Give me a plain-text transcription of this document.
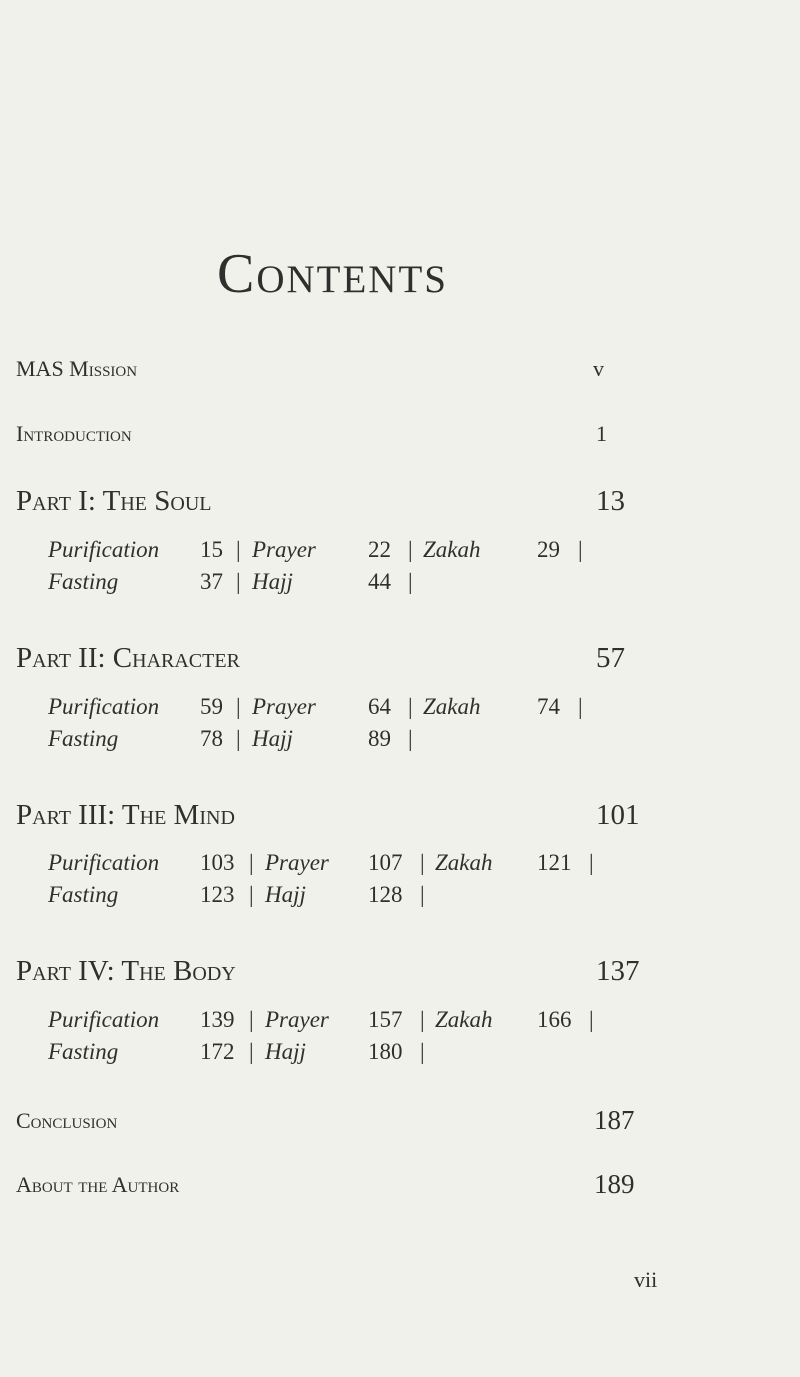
Contents
MAS Mission	v
Introduction	1
Part I: The Soul	13
Purification 15 | Prayer 22 | Zakah 29 |
Fasting	37 | Hajj	44 |
Part II: Character	57
Purification 59 | Prayer 64 | Zakah 74 |
Fasting	78 | Hajj	89 |
Part III: The Mind	101
Purification 103 | Prayer 107 | Zakah 121 |
Fasting	123 | Hajj	128 |
Part IV: The Body	137
Purification 139 | Prayer 157 | Zakah 166 |
Fasting	172 | Hajj	180 |
Conclusion	187
About the Author	189
vii
